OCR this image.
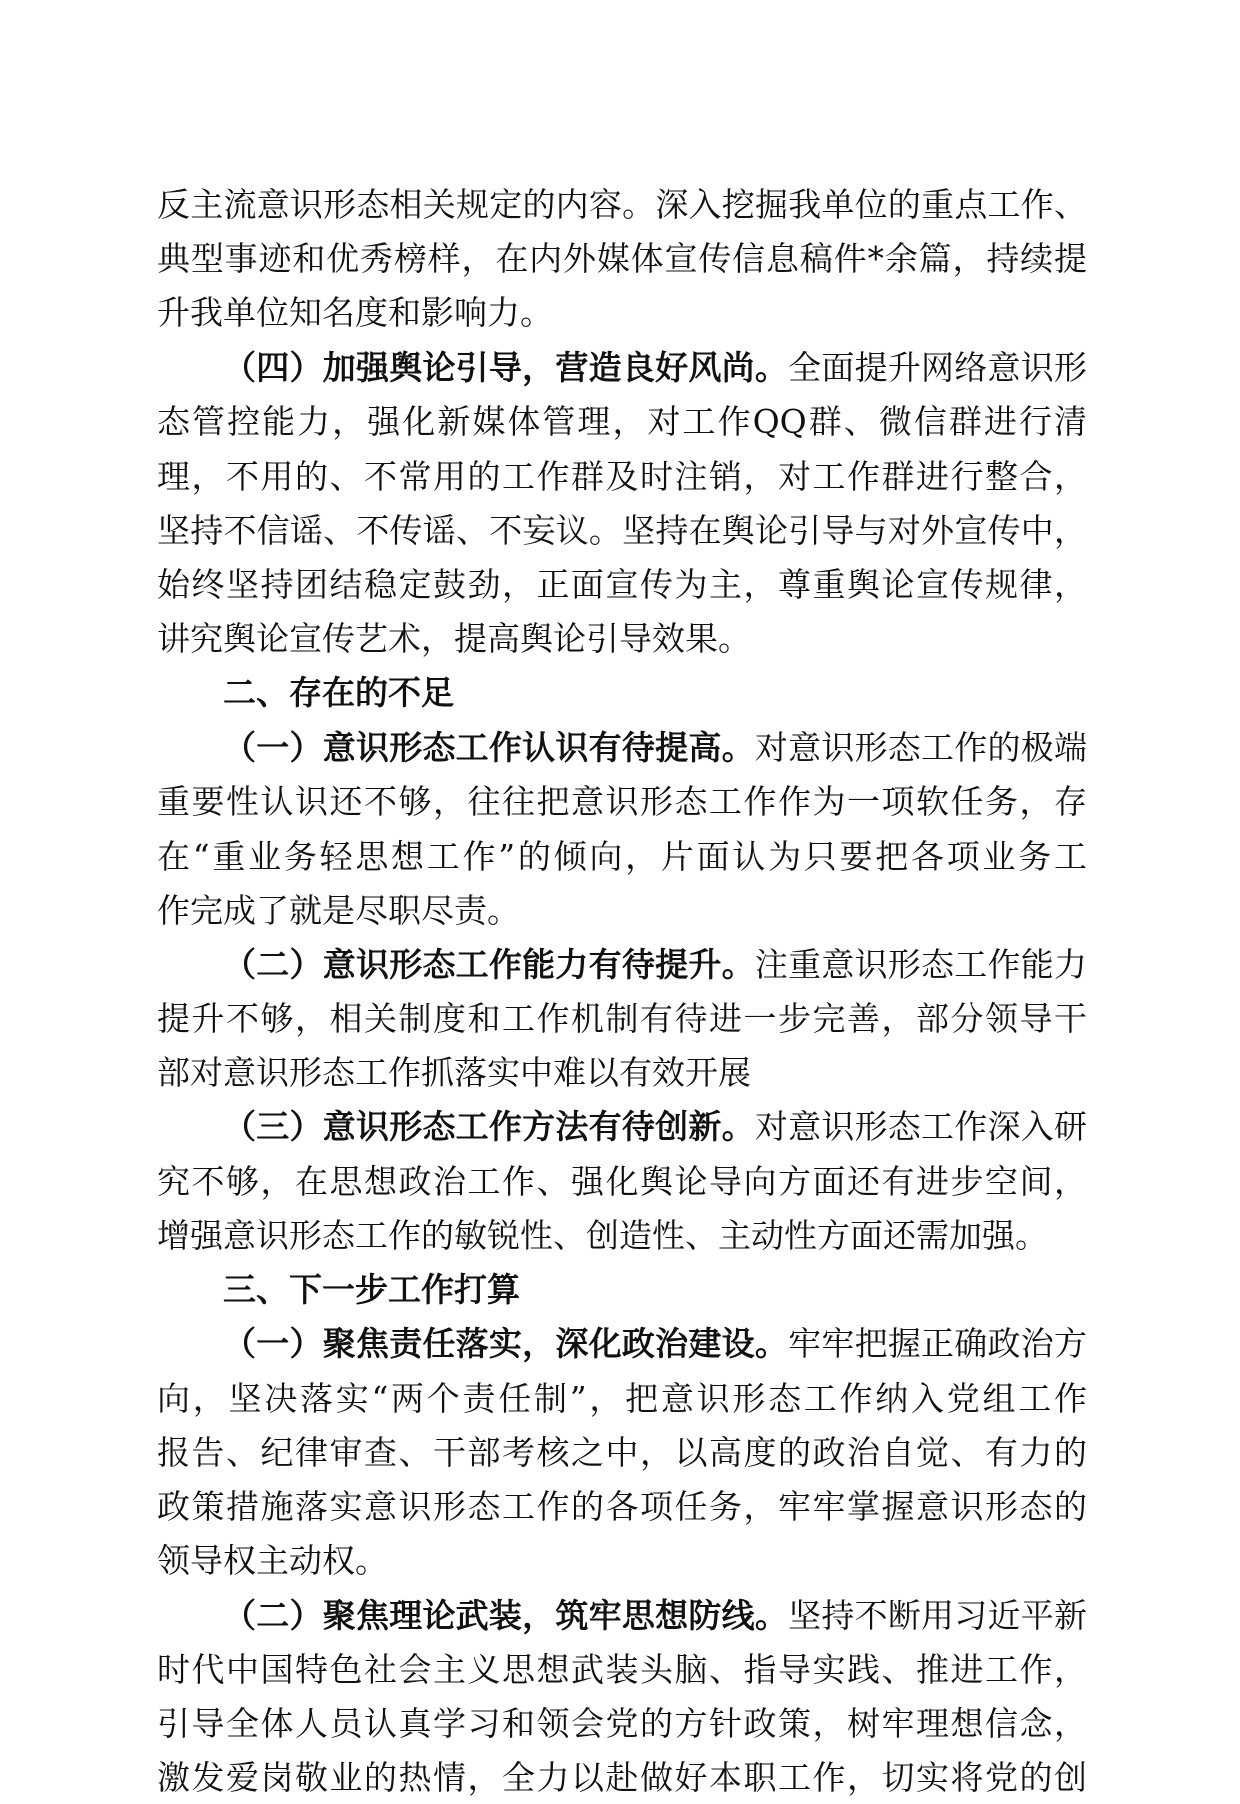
反主流意识形态相关规定的内容。深入挖掘我单位的重点工作、
典型事迹和优秀榜样，在内外媒体宣传信息稿件*余篇，持续提
升我单位知名度和影响力。
（四）加强舆论引导，营造良好风尚。全面提升网络意识形
态管控能力，强化新媒体管理，对工作QQ群、微信群进行清
理，不用的、不常用的工作群及时注销，对工作群进行整合，
坚持不信谣、不传谣、不妄议。坚持在舆论引导与对外宣传中，
始终坚持团结稳定鼓劲，正面宣传为主，尊重舆论宣传规律，
讲究舆论宣传艺术，提高舆论引导效果。
二、存在的不足
（一）意识形态工作认识有待提高。对意识形态工作的极端
重要性认识还不够，往往把意识形态工作作为一项软任务，存
在“重业务轻思想工作”的倾向，片面认为只要把各项业务工
作完成了就是尽职尽责。
（二）意识形态工作能力有待提升。注重意识形态工作能力
提升不够，相关制度和工作机制有待进一步完善，部分领导干
部对意识形态工作抓落实中难以有效开展
（三）意识形态工作方法有待创新。对意识形态工作深入研
究不够，在思想政治工作、强化舆论导向方面还有进步空间，
增强意识形态工作的敏锐性、创造性、主动性方面还需加强。
三、下一步工作打算
（一）聚焦责任落实，深化政治建设。牢牢把握正确政治方
向，坚决落实“两个责任制”，把意识形态工作纳入党组工作
报告、纪律审查、干部考核之中，以高度的政治自觉、有力的
政策措施落实意识形态工作的各项任务，牢牢掌握意识形态的
领导权主动权。
（二）聚焦理论武装，筑牢思想防线。坚持不断用习近平新
时代中国特色社会主义思想武装头脑、指导实践、推进工作，
引导全体人员认真学习和领会党的方针政策，树牢理想信念，
激发爱岗敬业的热情，全力以赴做好本职工作，切实将党的创
